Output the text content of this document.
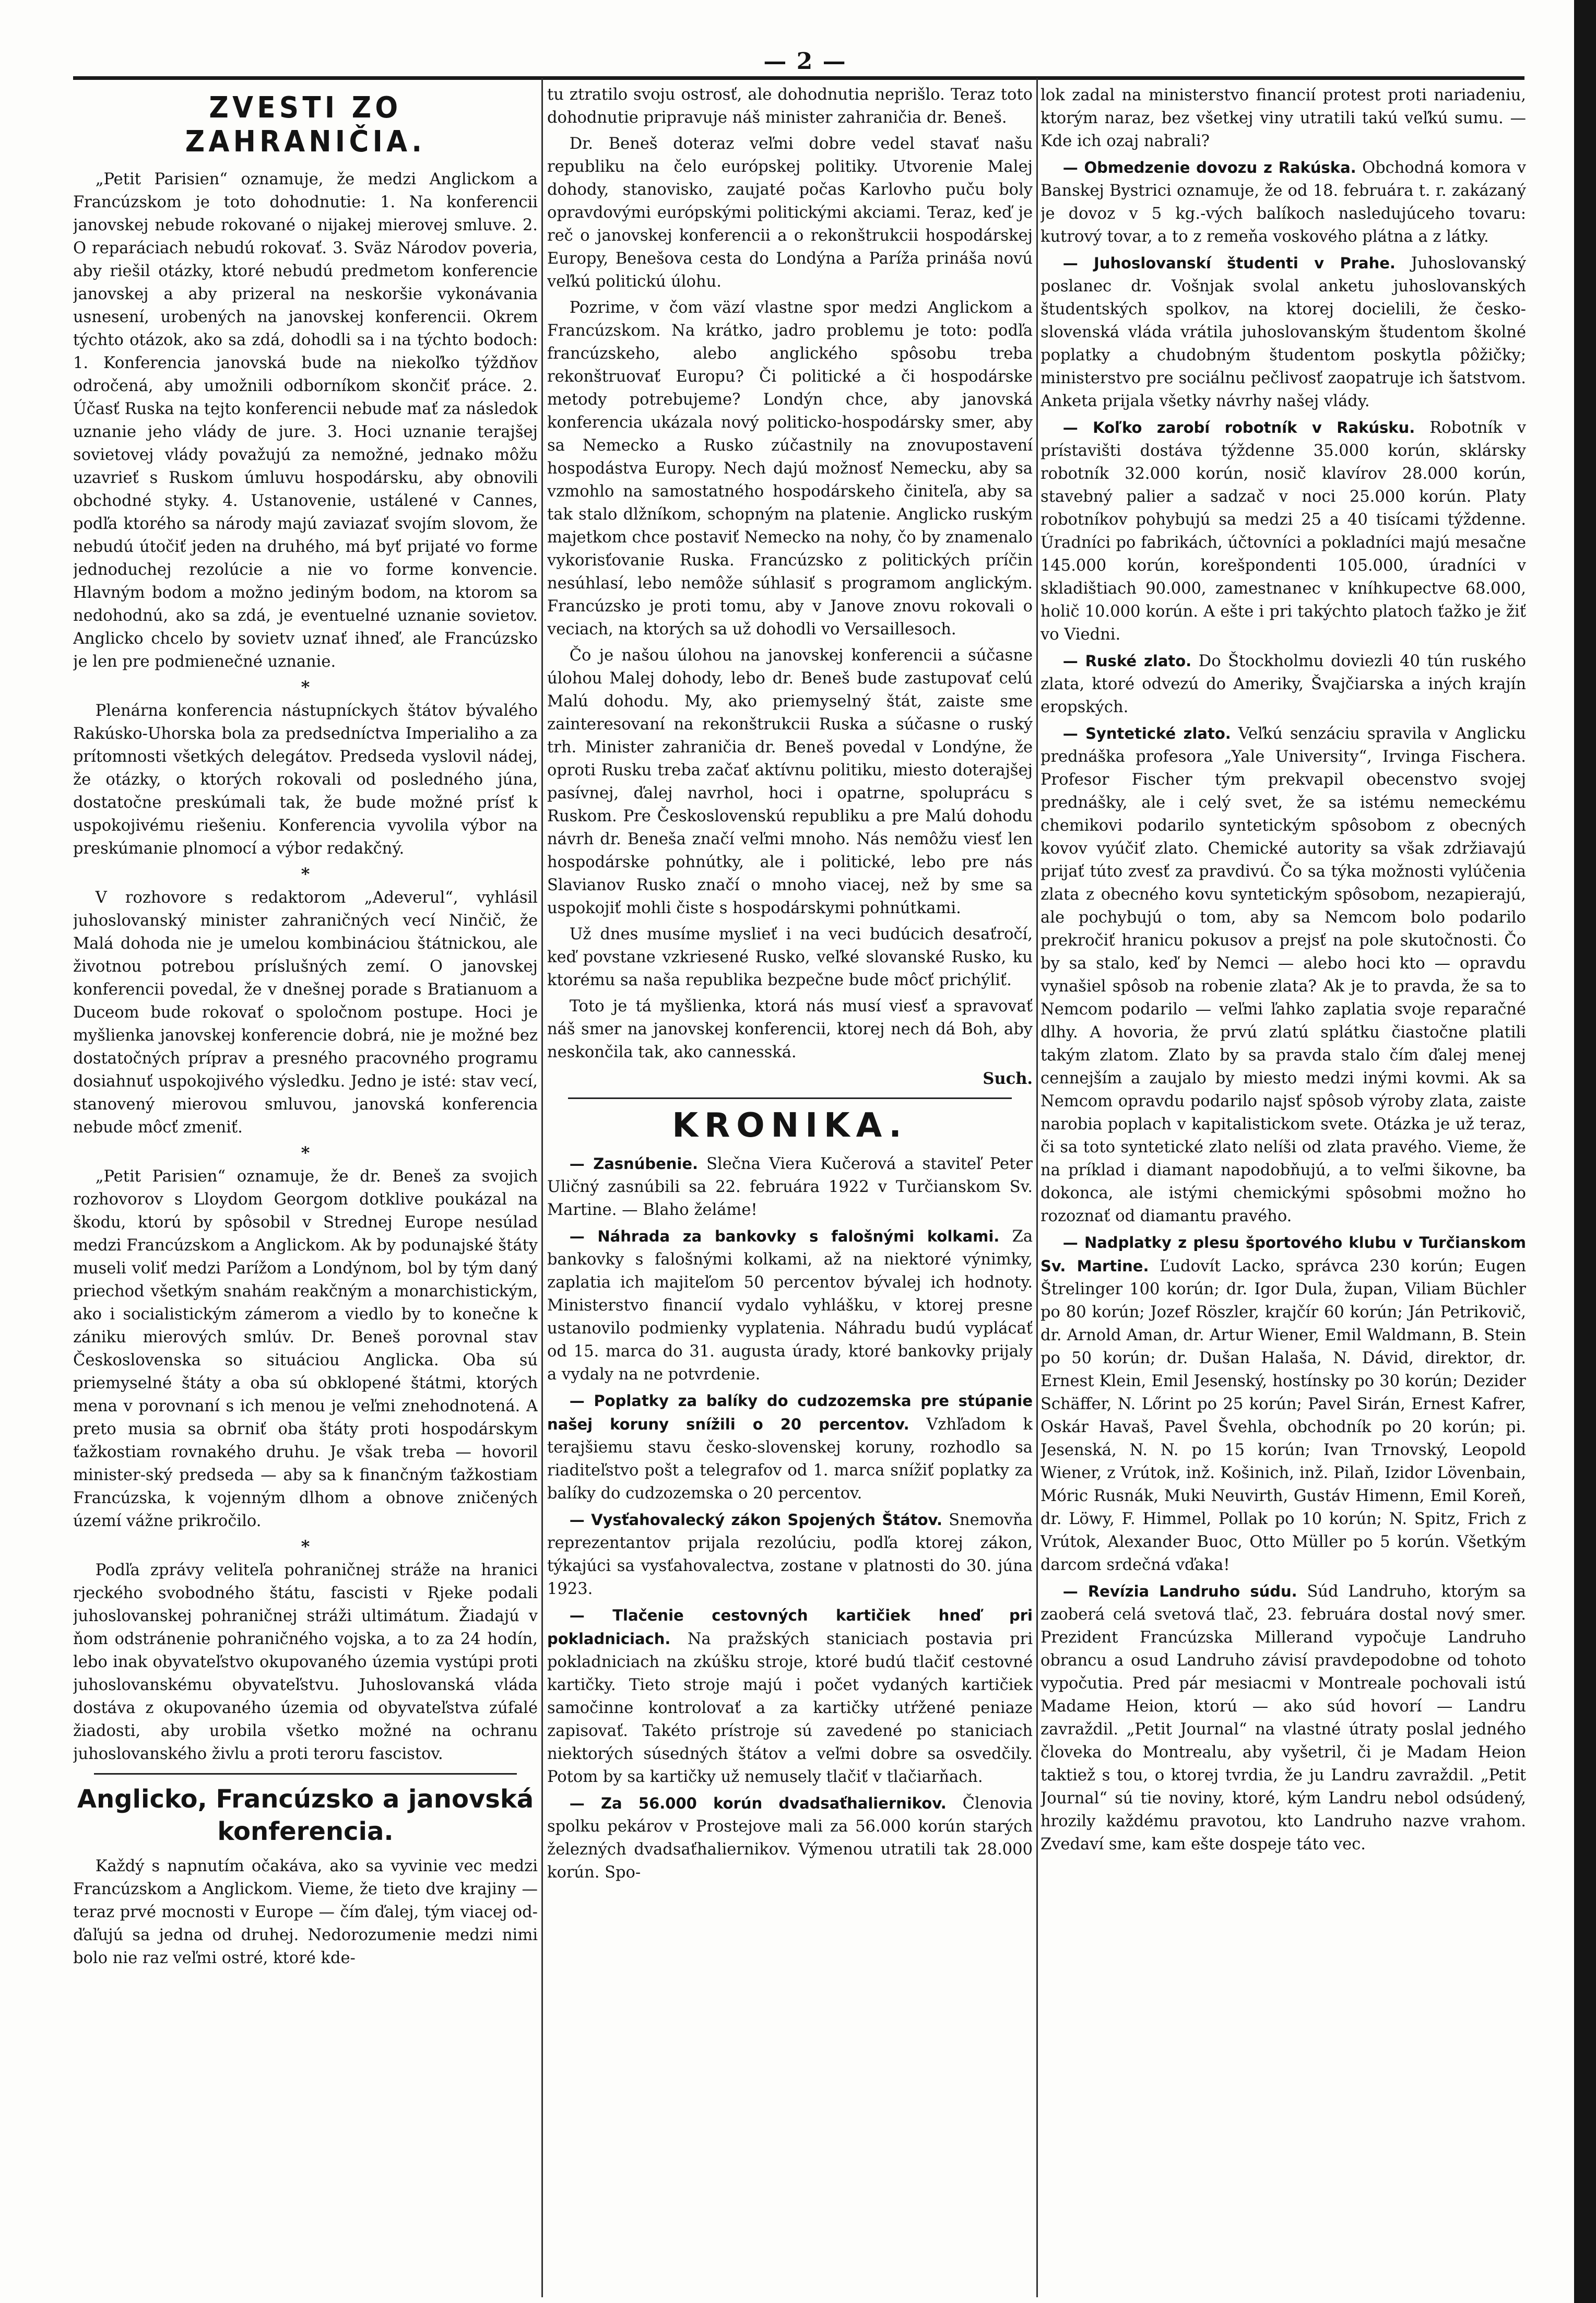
— 2 —
ZVESTI ZO ZAHRANIČIA.

„Petit Parisien“ oznamuje, že medzi Anglickom a Francúzskom je toto dohodnutie: 1. Na konferencii janovskej nebude rokované o nijakej mierovej smluve. 2. O reparáciach nebudú rokovať. 3. Sväz Národov poveria, aby riešil otázky, ktoré nebudú predmetom konferencie janovskej a aby prizeral na neskoršie vykonávania usnesení, urobených na janovskej konferencii. Okrem týchto otázok, ako sa zdá, dohodli sa i na týchto bodoch: 1. Konferencia janovská bude na niekoľko týždňov odročená, aby umožnili odborníkom skončiť práce. 2. Účasť Ruska na tejto konferencii nebude mať za následok uznanie jeho vlády de jure. 3. Hoci uznanie terajšej sovietovej vlády považujú za nemožné, jednako môžu uzavrieť s Ruskom úmluvu hospodársku, aby obnovili obchodné styky. 4. Ustanovenie, ustálené v Cannes, podľa ktorého sa národy majú zaviazať svojím slovom, že nebudú útočiť jeden na druhého, má byť prijaté vo forme jednoduchej rezolúcie a nie vo forme konvencie. Hlavným bodom a možno jediným bodom, na ktorom sa nedohodnú, ako sa zdá, je eventuelné uznanie sovietov. Anglicko chcelo by sovietv uznať ihneď, ale Francúzsko je len pre podmienečné uznanie.

*

Plenárna konferencia nástupníckych štátov bývalého Rakúsko-Uhorska bola za predsedníctva Imperialiho a za prítomnosti všetkých delegátov. Predseda vyslovil nádej, že otázky, o ktorých rokovali od posledného júna, dostatočne preskúmali tak, že bude možné prísť k uspokojivému riešeniu. Konferencia vyvolila výbor na preskúmanie plnomocí a výbor redakčný.

*

V rozhovore s redaktorom „Adeverul“, vyhlásil juhoslovanský minister zahraničných vecí Ninčič, že Malá dohoda nie je umelou kombináciou štátnickou, ale životnou potrebou príslušných zemí. O janovskej konferencii povedal, že v dnešnej porade s Bratianuom a Duceom bude rokovať o spoločnom postupe. Hoci je myšlienka janovskej konferencie dobrá, nie je možné bez dostatočných príprav a presného pracovného programu dosiahnuť uspokojivého výsledku. Jedno je isté: stav vecí, stanovený mierovou smluvou, janovská konferencia nebude môcť zmeniť.

*

„Petit Parisien“ oznamuje, že dr. Beneš za svojich rozhovorov s Lloydom Georgom dotklive poukázal na škodu, ktorú by spôsobil v Strednej Europe nesúlad medzi Francúzskom a Anglickom. Ak by podunajské štáty museli voliť medzi Parížom a Londýnom, bol by tým daný priechod všetkým snahám reakčným a monarchistickým, ako i socialistickým zámerom a viedlo by to konečne k zániku mierových smlúv. Dr. Beneš porovnal stav Československa so situáciou Anglicka. Oba sú priemyselné štáty a oba sú obklopené štátmi, ktorých mena v porovnaní s ich menou je veľmi znehodnotená. A preto musia sa obrniť oba štáty proti hospodárskym ťažkostiam rovnakého druhu. Je však treba — hovoril minister-ský predseda — aby sa k finančným ťažkostiam Francúzska, k vojenným dlhom a obnove zničených území vážne prikročilo.

*

Podľa zprávy veliteľa pohraničnej stráže na hranici rjeckého svobodného štátu, fascisti v Rjeke podali juhoslovanskej pohraničnej stráži ultimátum. Žiadajú v ňom odstránenie pohraničného vojska, a to za 24 hodín, lebo inak obyvateľstvo okupovaného územia vystúpi proti juhoslovanskému obyvateľstvu. Juhoslovanská vláda dostáva z okupovaného územia od obyvateľstva zúfalé žiadosti, aby urobila všetko možné na ochranu juhoslovanského živlu a proti teroru fascistov.

Anglicko, Francúzsko a janovská konferencia.

Každý s napnutím očakáva, ako sa vyvinie vec medzi Francúzskom a Anglickom. Vieme, že tieto dve krajiny — teraz prvé mocnosti v Europe — čím ďalej, tým viacej od-ďaľujú sa jedna od druhej. Nedorozumenie medzi nimi bolo nie raz veľmi ostré, ktoré kde-

tu ztratilo svoju ostrosť, ale dohodnutia neprišlo. Teraz toto dohodnutie pripravuje náš minister zahraničia dr. Beneš.

Dr. Beneš doteraz veľmi dobre vedel stavať našu republiku na čelo európskej politiky. Utvorenie Malej dohody, stanovisko, zaujaté počas Karlovho puču boly opravdovými európskými politickými akciami. Teraz, keď je reč o janovskej konferencii a o rekonštrukcii hospodárskej Europy, Benešova cesta do Londýna a Paríža prináša novú veľkú politickú úlohu.

Pozrime, v čom väzí vlastne spor medzi Anglickom a Francúzskom. Na krátko, jadro problemu je toto: podľa francúzskeho, alebo anglického spôsobu treba rekonštruovať Europu? Či politické a či hospodárske metody potrebujeme? Londýn chce, aby janovská konferencia ukázala nový politicko-hospodársky smer, aby sa Nemecko a Rusko zúčastnily na znovupostavení hospodástva Europy. Nech dajú možnosť Nemecku, aby sa vzmohlo na samostatného hospodárskeho činiteľa, aby sa tak stalo dlžníkom, schopným na platenie. Anglicko ruským majetkom chce postaviť Nemecko na nohy, čo by znamenalo vykorisťovanie Ruska. Francúzsko z politických príčin nesúhlasí, lebo nemôže súhlasiť s programom anglickým. Francúzsko je proti tomu, aby v Janove znovu rokovali o veciach, na ktorých sa už dohodli vo Versaillesoch.

Čo je našou úlohou na janovskej konferencii a súčasne úlohou Malej dohody, lebo dr. Beneš bude zastupovať celú Malú dohodu. My, ako priemyselný štát, zaiste sme zainteresovaní na rekonštrukcii Ruska a súčasne o ruský trh. Minister zahraničia dr. Beneš povedal v Londýne, že oproti Rusku treba začať aktívnu politiku, miesto doterajšej pasívnej, ďalej navrhol, hoci i opatrne, spoluprácu s Ruskom. Pre Československú republiku a pre Malú dohodu návrh dr. Beneša značí veľmi mnoho. Nás nemôžu viesť len hospodárske pohnútky, ale i politické, lebo pre nás Slavianov Rusko značí o mnoho viacej, než by sme sa uspokojiť mohli čiste s hospodárskymi pohnútkami.

Už dnes musíme myslieť i na veci budúcich desaťročí, keď povstane vzkriesené Rusko, veľké slovanské Rusko, ku ktorému sa naša republika bezpečne bude môcť prichýliť.

Toto je tá myšlienka, ktorá nás musí viesť a spravovať náš smer na janovskej konferencii, ktorej nech dá Boh, aby neskončila tak, ako cannesská.

Such.

KRONIKA.

— Zasnúbenie. Slečna Viera Kučerová a staviteľ Peter Uličný zasnúbili sa 22. februára 1922 v Turčianskom Sv. Martine. — Blaho želáme!

— Náhrada za bankovky s falošnými kolkami. Za bankovky s falošnými kolkami, až na niektoré výnimky, zaplatia ich majiteľom 50 percentov bývalej ich hodnoty. Ministerstvo financií vydalo vyhlášku, v ktorej presne ustanovilo podmienky vyplatenia. Náhradu budú vyplácať od 15. marca do 31. augusta úrady, ktoré bankovky prijaly a vydaly na ne potvrdenie.

— Poplatky za balíky do cudzozemska pre stúpanie našej koruny snížili o 20 percentov. Vzhľadom k terajšiemu stavu česko-slovenskej koruny, rozhodlo sa riaditeľstvo pošt a telegrafov od 1. marca snížiť poplatky za balíky do cudzozemska o 20 percentov.

— Vysťahovalecký zákon Spojených Štátov. Snemovňa reprezentantov prijala rezolúciu, podľa ktorej zákon, týkajúci sa vysťahovalectva, zostane v platnosti do 30. júna 1923.

— Tlačenie cestovných kartičiek hneď pri pokladniciach. Na pražských staniciach postavia pri pokladniciach na zkúšku stroje, ktoré budú tlačiť cestovné kartičky. Tieto stroje majú i počet vydaných kartičiek samočinne kontrolovať a za kartičky utŕžené peniaze zapisovať. Takéto prístroje sú zavedené po staniciach niektorých súsedných štátov a veľmi dobre sa osvedčily. Potom by sa kartičky už nemusely tlačiť v tlačiarňach.

— Za 56.000 korún dvadsaťhaliernikov. Členovia spolku pekárov v Prostejove mali za 56.000 korún starých železných dvadsaťhaliernikov. Výmenou utratili tak 28.000 korún. Spo-

lok zadal na ministerstvo financií protest proti nariadeniu, ktorým naraz, bez všetkej viny utratili takú veľkú sumu. — Kde ich ozaj nabrali?

— Obmedzenie dovozu z Rakúska. Obchodná komora v Banskej Bystrici oznamuje, že od 18. februára t. r. zakázaný je dovoz v 5 kg.-vých balíkoch nasledujúceho tovaru: kutrový tovar, a to z remeňa voskového plátna a z látky.

— Juhoslovanskí študenti v Prahe. Juhoslovanský poslanec dr. Vošnjak svolal anketu juhoslovanských študentských spolkov, na ktorej docielili, že česko-slovenská vláda vrátila juhoslovanským študentom školné poplatky a chudobným študentom poskytla pôžičky; ministerstvo pre sociálnu pečlivosť zaopatruje ich šatstvom. Anketa prijala všetky návrhy našej vlády.

— Koľko zarobí robotník v Rakúsku. Robotník v prístavišti dostáva týždenne 35.000 korún, sklársky robotník 32.000 korún, nosič klavírov 28.000 korún, stavebný palier a sadzač v noci 25.000 korún. Platy robotníkov pohybujú sa medzi 25 a 40 tisícami týždenne. Úradníci po fabrikách, účtovníci a pokladníci majú mesačne 145.000 korún, korešpondenti 105.000, úradníci v skladištiach 90.000, zamestnanec v kníhkupectve 68.000, holič 10.000 korún. A ešte i pri takýchto platoch ťažko je žiť vo Viedni.

— Ruské zlato. Do Štockholmu doviezli 40 tún ruského zlata, ktoré odvezú do Ameriky, Švajčiarska a iných krajín eropských.

— Syntetické zlato. Veľkú senzáciu spravila v Anglicku prednáška profesora „Yale University“, Irvinga Fischera. Profesor Fischer tým prekvapil obecenstvo svojej prednášky, ale i celý svet, že sa istému nemeckému chemikovi podarilo syntetickým spôsobom z obecných kovov vyúčiť zlato. Chemické autority sa však zdržiavajú prijať túto zvesť za pravdivú. Čo sa týka možnosti vylúčenia zlata z obecného kovu syntetickým spôsobom, nezapierajú, ale pochybujú o tom, aby sa Nemcom bolo podarilo prekročiť hranicu pokusov a prejsť na pole skutočnosti. Čo by sa stalo, keď by Nemci — alebo hoci kto — opravdu vynašiel spôsob na robenie zlata? Ak je to pravda, že sa to Nemcom podarilo — veľmi ľahko zaplatia svoje reparačné dlhy. A hovoria, že prvú zlatú splátku čiastočne platili takým zlatom. Zlato by sa pravda stalo čím ďalej menej cennejším a zaujalo by miesto medzi inými kovmi. Ak sa Nemcom opravdu podarilo najsť spôsob výroby zlata, zaiste narobia poplach v kapitalistickom svete. Otázka je už teraz, či sa toto syntetické zlato nelíši od zlata pravého. Vieme, že na príklad i diamant napodobňujú, a to veľmi šikovne, ba dokonca, ale istými chemickými spôsobmi možno ho rozoznať od diamantu pravého.

— Nadplatky z plesu športového klubu v Turčianskom Sv. Martine. Ľudovít Lacko, správca 230 korún; Eugen Štrelinger 100 korún; dr. Igor Dula, župan, Viliam Büchler po 80 korún; Jozef Röszler, krajčír 60 korún; Ján Petrikovič, dr. Arnold Aman, dr. Artur Wiener, Emil Waldmann, B. Stein po 50 korún; dr. Dušan Halaša, N. Dávid, direktor, dr. Ernest Klein, Emil Jesenský, hostínsky po 30 korún; Dezider Schäffer, N. Lőrint po 25 korún; Pavel Sirán, Ernest Kafrer, Oskár Havaš, Pavel Švehla, obchodník po 20 korún; pi. Jesenská, N. N. po 15 korún; Ivan Trnovský, Leopold Wiener, z Vrútok, inž. Košinich, inž. Pilaň, Izidor Lövenbain, Móric Rusnák, Muki Neuvirth, Gustáv Himenn, Emil Koreň, dr. Löwy, F. Himmel, Pollak po 10 korún; N. Spitz, Frich z Vrútok, Alexander Buoc, Otto Müller po 5 korún. Všetkým darcom srdečná vďaka!

— Revízia Landruho súdu. Súd Landruho, ktorým sa zaoberá celá svetová tlač, 23. februára dostal nový smer. Prezident Francúzska Millerand vypočuje Landruho obrancu a osud Landruho závisí pravdepodobne od tohoto vypočutia. Pred pár mesiacmi v Montreale pochovali istú Madame Heion, ktorú — ako súd hovorí — Landru zavraždil. „Petit Journal“ na vlastné útraty poslal jedného človeka do Montrealu, aby vyšetril, či je Madam Heion taktiež s tou, o ktorej tvrdia, že ju Landru zavraždil. „Petit Journal“ sú tie noviny, ktoré, kým Landru nebol odsúdený, hrozily každému pravotou, kto Landruho nazve vrahom. Zvedaví sme, kam ešte dospeje táto vec.
